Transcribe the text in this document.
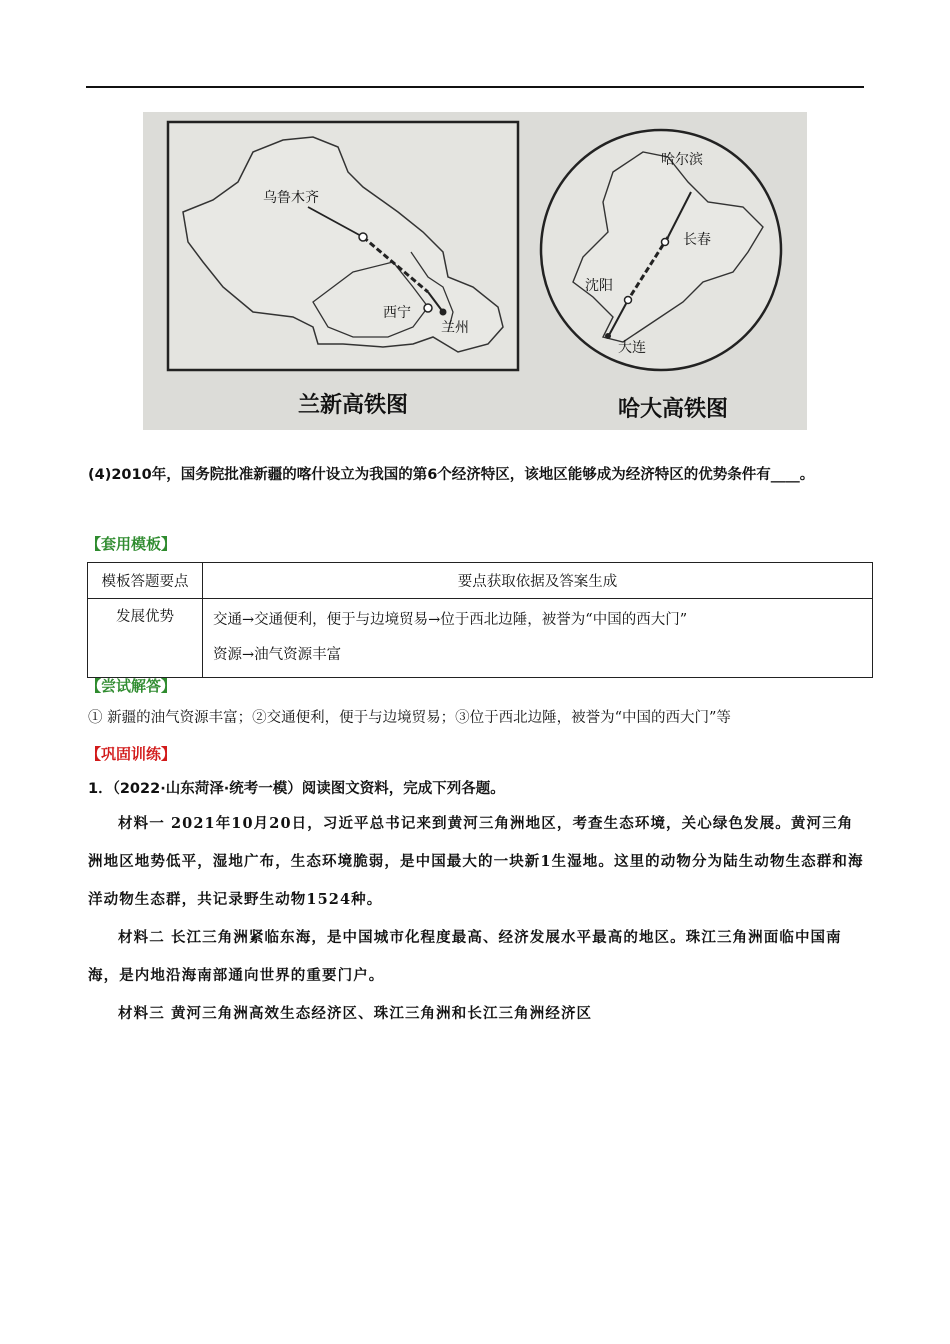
乌鲁木齐
西宁
兰州
兰新高铁图
哈尔滨
长春
沈阳
大连
哈大高铁图
(4)2010年，国务院批准新疆的喀什设立为我国的第6个经济特区，该地区能够成为经济特区的优势条件有____。
【套用模板】
模板答题要点	要点获取依据及答案生成
发展优势	交通→交通便利，便于与边境贸易→位于西北边陲，被誉为“中国的西大门”
资源→油气资源丰富
【尝试解答】
① 新疆的油气资源丰富；②交通便利，便于与边境贸易；③位于西北边陲，被誉为“中国的西大门”等
【巩固训练】
1．（2022·山东菏泽·统考一模）阅读图文资料，完成下列各题。
材料一 2021年10月20日，习近平总书记来到黄河三角洲地区，考查生态环境，关心绿色发展。黄河三角洲地区地势低平，湿地广布，生态环境脆弱，是中国最大的一块新1生湿地。这里的动物分为陆生动物生态群和海洋动物生态群，共记录野生动物1524种。
材料二 长江三角洲紧临东海，是中国城市化程度最高、经济发展水平最高的地区。珠江三角洲面临中国南海，是内地沿海南部通向世界的重要门户。
材料三 黄河三角洲高效生态经济区、珠江三角洲和长江三角洲经济区
